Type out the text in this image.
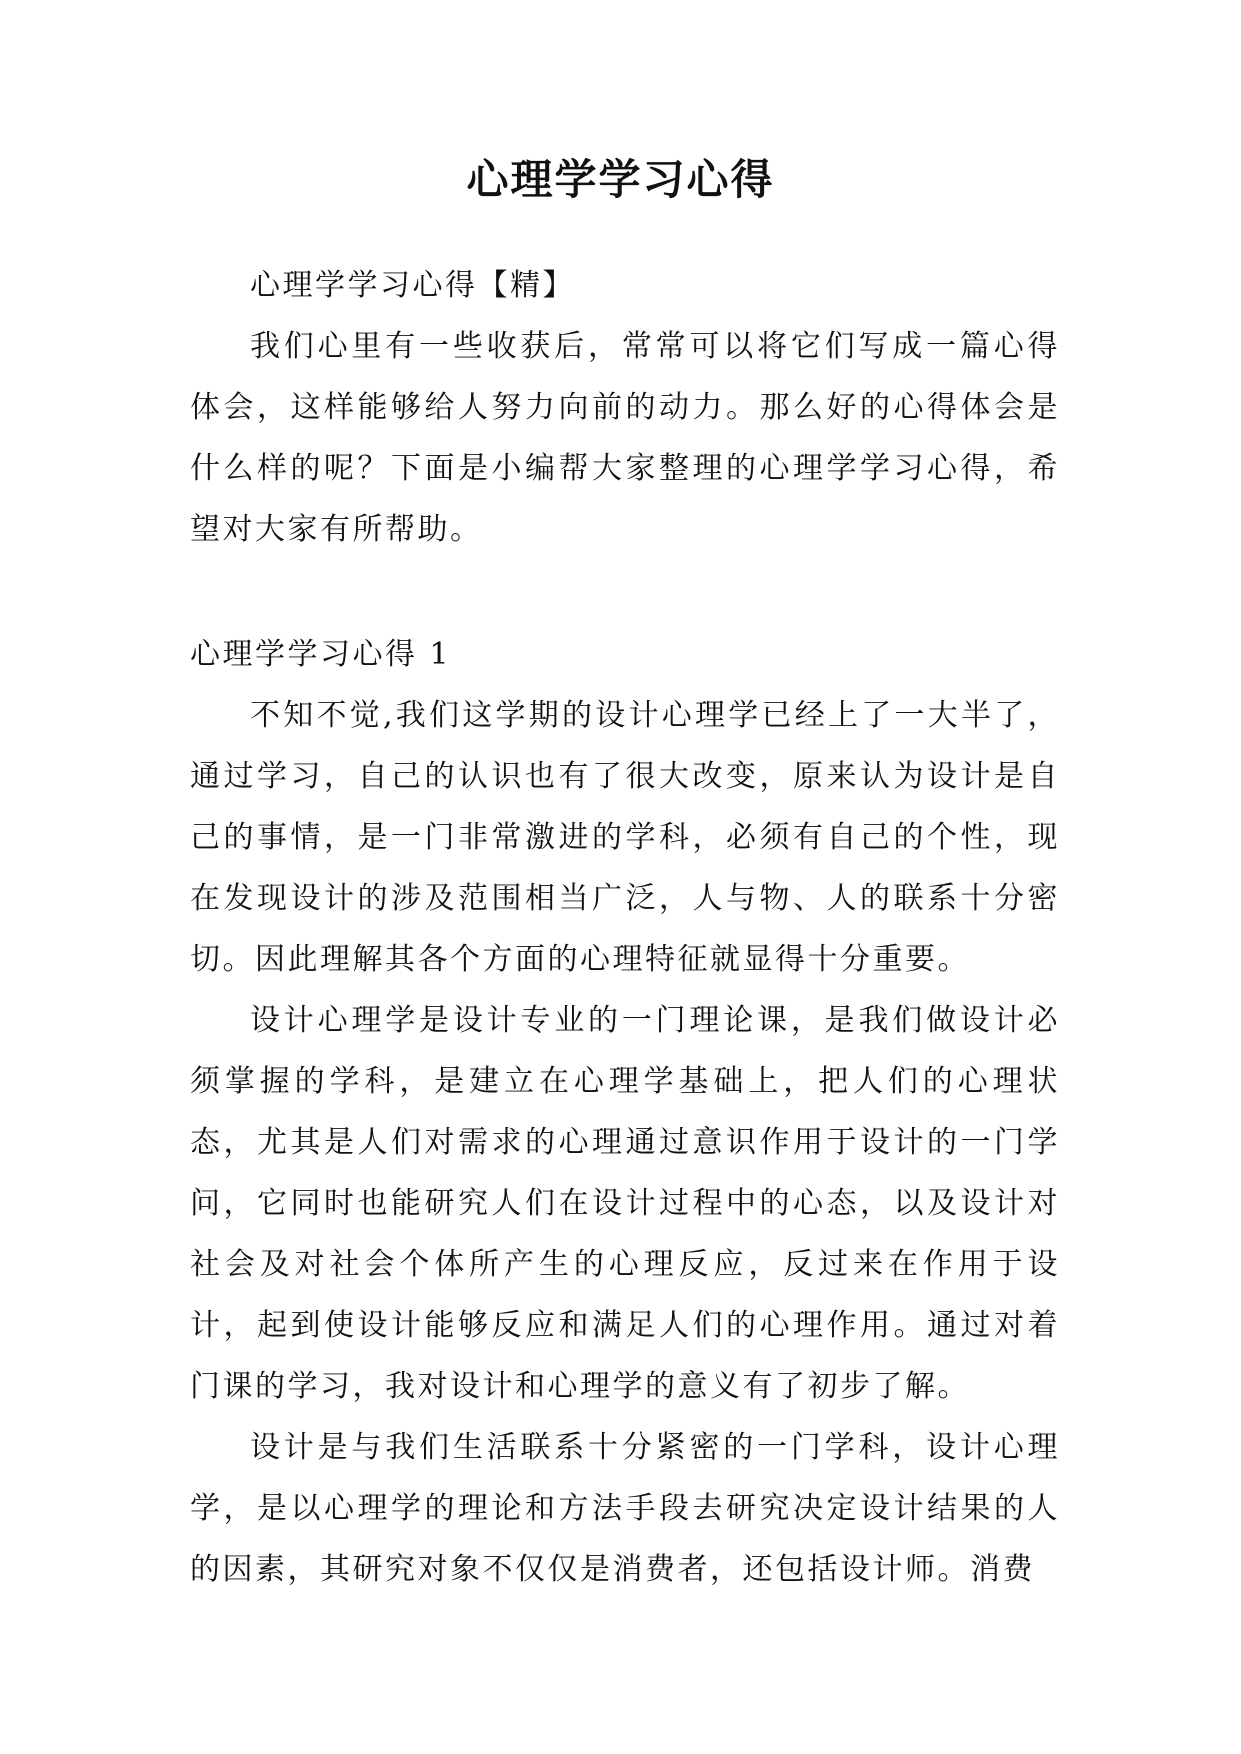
心理学学习心得

心理学学习心得【精】

我们心里有一些收获后，常常可以将它们写成一篇心得体会，这样能够给人努力向前的动力。那么好的心得体会是什么样的呢？下面是小编帮大家整理的心理学学习心得，希望对大家有所帮助。

心理学学习心得 1

不知不觉,我们这学期的设计心理学已经上了一大半了，通过学习，自己的认识也有了很大改变，原来认为设计是自己的事情，是一门非常激进的学科，必须有自己的个性，现在发现设计的涉及范围相当广泛，人与物、人的联系十分密切。因此理解其各个方面的心理特征就显得十分重要。

设计心理学是设计专业的一门理论课，是我们做设计必须掌握的学科，是建立在心理学基础上，把人们的心理状态，尤其是人们对需求的心理通过意识作用于设计的一门学问，它同时也能研究人们在设计过程中的心态，以及设计对社会及对社会个体所产生的心理反应，反过来在作用于设计，起到使设计能够反应和满足人们的心理作用。通过对着门课的学习，我对设计和心理学的意义有了初步了解。

设计是与我们生活联系十分紧密的一门学科，设计心理学，是以心理学的理论和方法手段去研究决定设计结果的人的因素，其研究对象不仅仅是消费者，还包括设计师。消费
